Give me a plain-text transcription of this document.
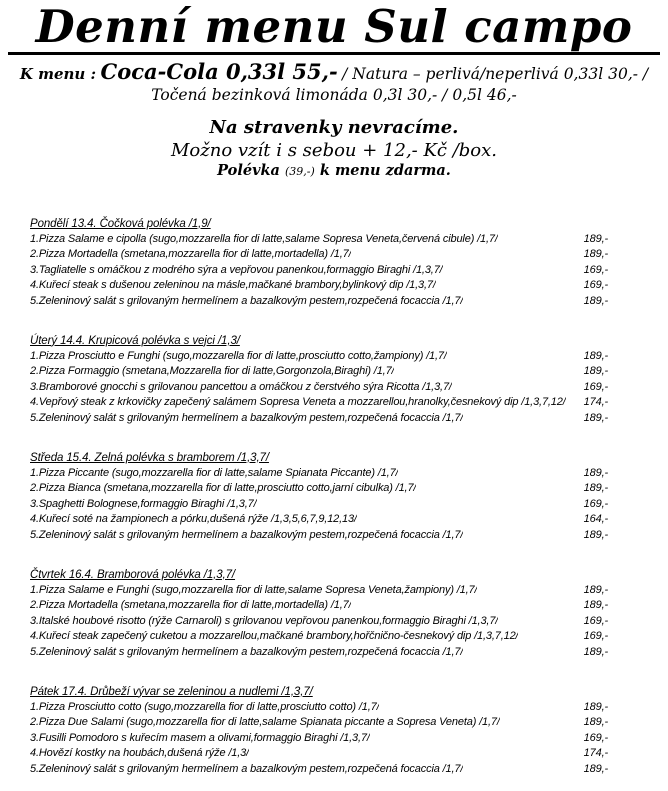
Denní menu Sul campo
K menu : Coca-Cola 0,33l 55,- / Natura – perlivá/neperlivá 0,33l 30,- /
Točená bezinková limonáda 0,3l 30,- / 0,5l 46,-
Na stravenky nevracíme.
Možno vzít i s sebou + 12,- Kč /box.
Polévka (39,-) k menu zdarma.
Pondělí 13.4. Čočková polévka /1,9/
1.Pizza Salame e cipolla (sugo,mozzarella fior di latte,salame Sopresa Veneta,červená cibule) /1,7/	189,-
2.Pizza Mortadella (smetana,mozzarella fior di latte,mortadella) /1,7/	189,-
3.Tagliatelle s omáčkou z modrého sýra a vepřovou panenkou,formaggio Biraghi /1,3,7/	169,-
4.Kuřecí steak s dušenou zeleninou na másle,mačkané brambory,bylinkový dip /1,3,7/	169,-
5.Zeleninový salát s grilovaným hermelínem a bazalkovým pestem,rozpečená focaccia /1,7/	189,-
Úterý 14.4. Krupicová polévka s vejci /1,3/
1.Pizza Prosciutto e Funghi (sugo,mozzarella fior di latte,prosciutto cotto,žampiony) /1,7/	189,-
2.Pizza Formaggio (smetana,Mozzarella fior di latte,Gorgonzola,Biraghi) /1,7/	189,-
3.Bramborové gnocchi s grilovanou pancettou a omáčkou z čerstvého sýra Ricotta /1,3,7/	169,-
4.Vepřový steak z krkovičky zapečený salámem Sopresa Veneta a mozzarellou,hranolky,česnekový dip /1,3,7,12/	174,-
5.Zeleninový salát s grilovaným hermelínem a bazalkovým pestem,rozpečená focaccia /1,7/	189,-
Středa 15.4. Zelná polévka s bramborem /1,3,7/
1.Pizza Piccante (sugo,mozzarella fior di latte,salame Spianata Piccante) /1,7/	189,-
2.Pizza Bianca (smetana,mozzarella fior di latte,prosciutto cotto,jarní cibulka) /1,7/	189,-
3.Spaghetti Bolognese,formaggio Biraghi /1,3,7/	169,-
4.Kuřecí soté na žampionech a pórku,dušená rýže /1,3,5,6,7,9,12,13/	164,-
5.Zeleninový salát s grilovaným hermelínem a bazalkovým pestem,rozpečená focaccia /1,7/	189,-
Čtvrtek 16.4. Bramborová polévka /1,3,7/
1.Pizza Salame e Funghi (sugo,mozzarella fior di latte,salame Sopresa Veneta,žampiony) /1,7/	189,-
2.Pizza Mortadella (smetana,mozzarella fior di latte,mortadella) /1,7/	189,-
3.Italské houbové risotto (rýže Carnaroli) s grilovanou vepřovou panenkou,formaggio Biraghi /1,3,7/	169,-
4.Kuřecí steak zapečený cuketou a mozzarellou,mačkané brambory,hořčnično-česnekový dip /1,3,7,12/	169,-
5.Zeleninový salát s grilovaným hermelínem a bazalkovým pestem,rozpečená focaccia /1,7/	189,-
Pátek 17.4. Drůbeží vývar se zeleninou a nudlemi /1,3,7/
1.Pizza Prosciutto cotto (sugo,mozzarella fior di latte,prosciutto cotto) /1,7/	189,-
2.Pizza Due Salami (sugo,mozzarella fior di latte,salame Spianata piccante a Sopresa Veneta) /1,7/	189,-
3.Fusilli Pomodoro s kuřecím masem a olivami,formaggio Biraghi /1,3,7/	169,-
4.Hovězí kostky na houbách,dušená rýže /1,3/	174,-
5.Zeleninový salát s grilovaným hermelínem a bazalkovým pestem,rozpečená focaccia /1,7/	189,-
